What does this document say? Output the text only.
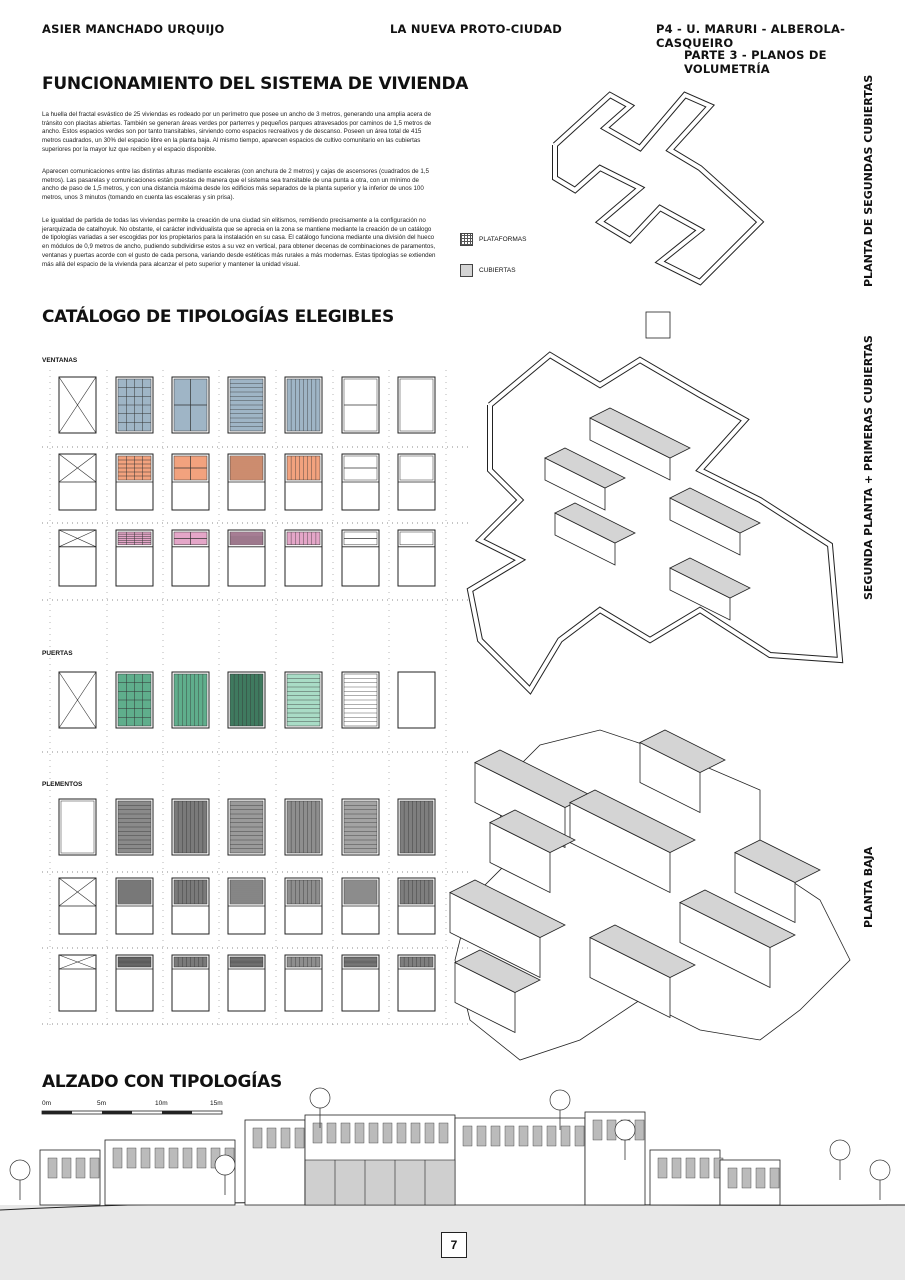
ASIER MANCHADO URQUIJO	LA NUEVA PROTO-CIUDAD	P4 - U. MARURI - ALBEROLA-CASQUEIRO
PARTE 3 - PLANOS DE VOLUMETRÍA
FUNCIONAMIENTO DEL SISTEMA DE VIVIENDA

La huella del fractal esvástico de 25 viviendas es rodeado por un perímetro que posee un ancho de 3 metros, generando una amplia acera de tránsito con placitas abiertas. También se generan áreas verdes por parterres y pequeños parques atravesados por caminos de 1,5 metros de ancho. Estos espacios verdes son por tanto transitables, sirviendo como espacios recreativos y de descanso. Poseen un área total de 415 metros cuadrados, un 30% del espacio libre en la planta baja. Al mismo tiempo, aparecen espacios de cultivo comunitario en las cubiertas superiores por la mayor luz que reciben y el espacio disponible.

Aparecen comunicaciones entre las distintas alturas mediante escaleras (con anchura de 2 metros) y cajas de ascensores (cuadrados de 1,5 metros). Las pasarelas y comunicaciones están puestas de manera que el sistema sea transitable de una punta a otra, con un mínimo de ancho de paso de 1,5 metros, y con una distancia máxima desde los edificios más separados de la planta superior y la inferior de unos 100 metros, unos 3 minutos (tomando en cuenta las escaleras y sin prisa).

Le igualdad de partida de todas las viviendas permite la creación de una ciudad sin elitismos, remitiendo precisamente a la configuración no jerarquizada de catalhoyuk. No obstante, el carácter individualista que se aprecia en la zona se mantiene mediante la creación de un catálogo de tipologías variadas a ser escogidas por los propietarios para la instalación en su casa. El catálogo funciona mediante una división del hueco en módulos de 0,9 metros de ancho, pudiendo subdividirse estos a su vez en vertical, para obtener decenas de combinaciones de paramentos, ventanas y puertas acorde con el gusto de cada persona, variando desde estéticas más rurales a más modernas. Estas tipologías se extienden más allá del espacio de la vivienda para alcanzar el peto superior y mantener la unidad visual.

PLATAFORMAS
CUBIERTAS
CATÁLOGO DE TIPOLOGÍAS ELEGIBLES
VENTANAS
PUERTAS
PLEMENTOS
ALZADO CON TIPOLOGÍAS
0m	5m	10m	15m
PLANTA DE SEGUNDAS CUBIERTAS
SEGUNDA PLANTA + PRIMERAS CUBIERTAS
PLANTA BAJA
7
